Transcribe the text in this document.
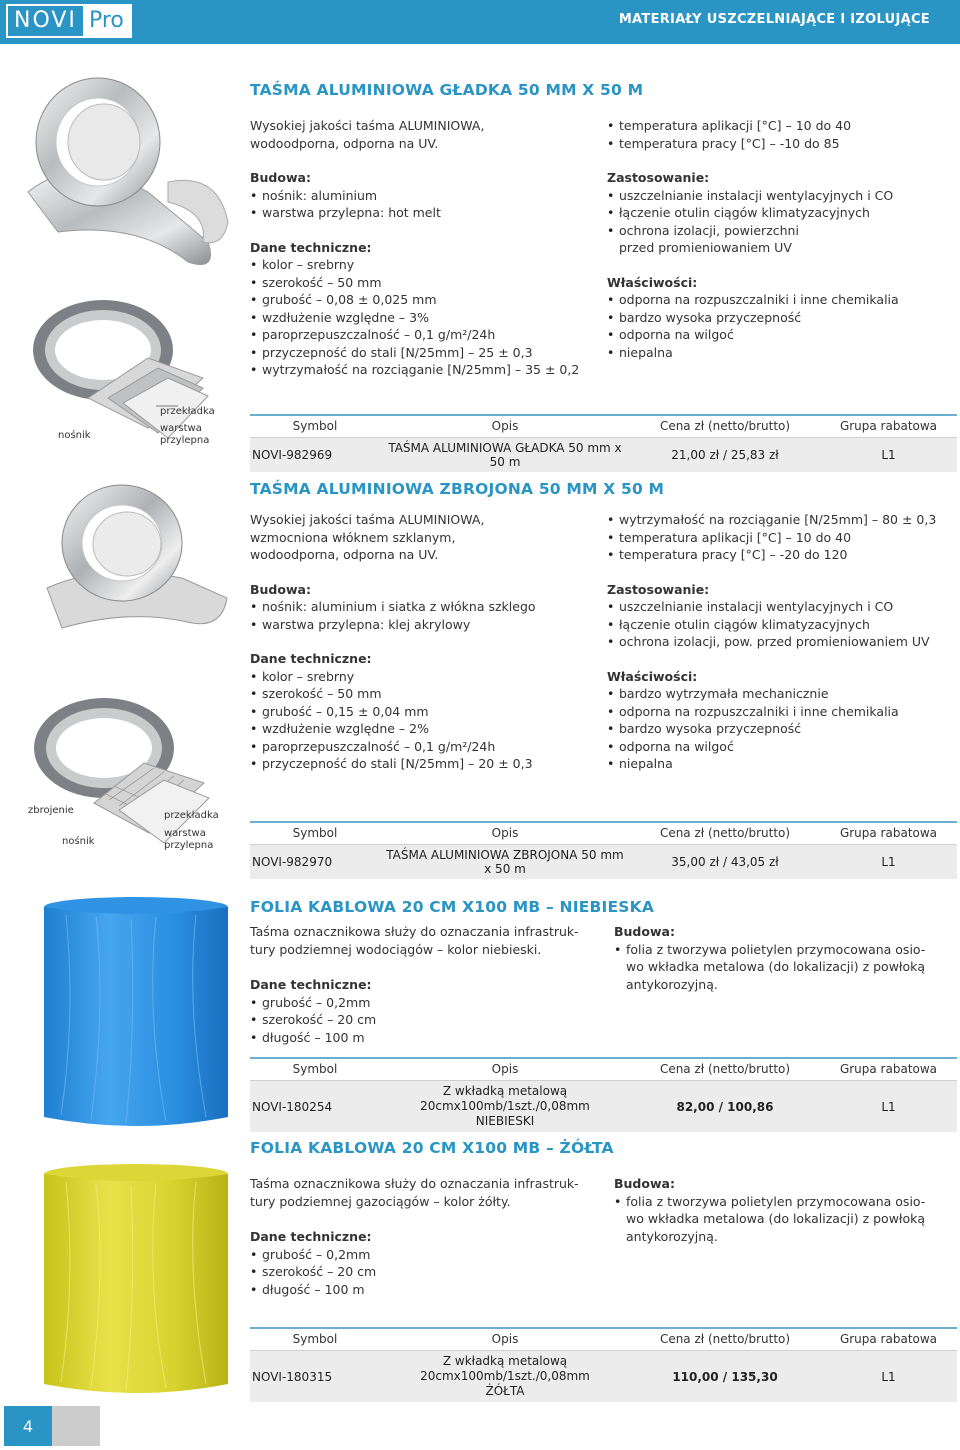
NOVI Pro	MATERIAŁY USZCZELNIAJĄCE I IZOLUJĄCE
przekładka
warstwa
przylepna
nośnik
TAŚMA ALUMINIOWA GŁADKA 50 MM X 50 M

Wysokiej jakości taśma ALUMINIOWA,

wodoodporna, odporna na UV.

Budowa:

• nośnik: aluminium
• warstwa przylepna: hot melt

Dane techniczne:

• kolor – srebrny
• szerokość – 50 mm
• grubość – 0,08 ± 0,025 mm
• wzdłużenie względne – 3%
• paroprzepuszczalność – 0,1 g/m²/24h
• przyczepność do stali [N/25mm] – 25 ± 0,3
• wytrzymałość na rozciąganie [N/25mm] – 35 ± 0,2
• temperatura aplikacji [°C] – 10 do 40
• temperatura pracy [°C] – -10 do 85

Zastosowanie:

• uszczelnianie instalacji wentylacyjnych i CO
• łączenie otulin ciągów klimatyzacyjnych
• ochrona izolacji, powierzchni
przed promieniowaniem UV

Właściwości:

• odporna na rozpuszczalniki i inne chemikalia
• bardzo wysoka przyczepność
• odporna na wilgoć
• niepalna
Symbol	Opis	Cena zł (netto/brutto)	Grupa rabatowa
NOVI-982969	TAŚMA ALUMINIOWA GŁADKA 50 mm x 50 m	21,00 zł / 25,83 zł	L1
zbrojenie	przekładka
warstwa
przylepna
nośnik
TAŚMA ALUMINIOWA ZBROJONA 50 MM X 50 M

Wysokiej jakości taśma ALUMINIOWA,

wzmocniona włóknem szklanym,

wodoodporna, odporna na UV.

Budowa:

• nośnik: aluminium i siatka z włókna szklego
• warstwa przylepna: klej akrylowy

Dane techniczne:

• kolor – srebrny
• szerokość – 50 mm
• grubość – 0,15 ± 0,04 mm
• wzdłużenie względne – 2%
• paroprzepuszczalność – 0,1 g/m²/24h
• przyczepność do stali [N/25mm] – 20 ± 0,3
• wytrzymałość na rozciąganie [N/25mm] – 80 ± 0,3
• temperatura aplikacji [°C] – 10 do 40
• temperatura pracy [°C] – -20 do 120

Zastosowanie:

• uszczelnianie instalacji wentylacyjnych i CO
• łączenie otulin ciągów klimatyzacyjnych
• ochrona izolacji, pow. przed promieniowaniem UV

Właściwości:

• bardzo wytrzymała mechanicznie
• odporna na rozpuszczalniki i inne chemikalia
• bardzo wysoka przyczepność
• odporna na wilgoć
• niepalna
Symbol	Opis	Cena zł (netto/brutto)	Grupa rabatowa
NOVI-982970	TAŚMA ALUMINIOWA ZBROJONA 50 mm x 50 m	35,00 zł / 43,05 zł	L1
FOLIA KABLOWA 20 CM X100 MB – NIEBIESKA

Taśma oznacznikowa służy do oznaczania infrastruk-

tury podziemnej wodociągów – kolor niebieski.

Dane techniczne:

• grubość – 0,2mm
• szerokość – 20 cm
• długość – 100 m

Budowa:

• folia z tworzywa polietylen przymocowana osio-
wo wkładka metalowa (do lokalizacji) z powłoką
antykorozyjną.
Symbol	Opis	Cena zł (netto/brutto)	Grupa rabatowa
NOVI-180254	Z wkładką metalową 20cmx100mb/1szt./0,08mm
NIEBIESKI	82,00 / 100,86	L1
FOLIA KABLOWA 20 CM X100 MB – ŻÓŁTA

Taśma oznacznikowa służy do oznaczania infrastruk-

tury podziemnej gazociągów – kolor żółty.

Dane techniczne:

• grubość – 0,2mm
• szerokość – 20 cm
• długość – 100 m

Budowa:

• folia z tworzywa polietylen przymocowana osio-
wo wkładka metalowa (do lokalizacji) z powłoką
antykorozyjną.
Symbol	Opis	Cena zł (netto/brutto)	Grupa rabatowa
NOVI-180315	Z wkładką metalową 20cmx100mb/1szt./0,08mm
ŻÓŁTA	110,00 / 135,30	L1
4
